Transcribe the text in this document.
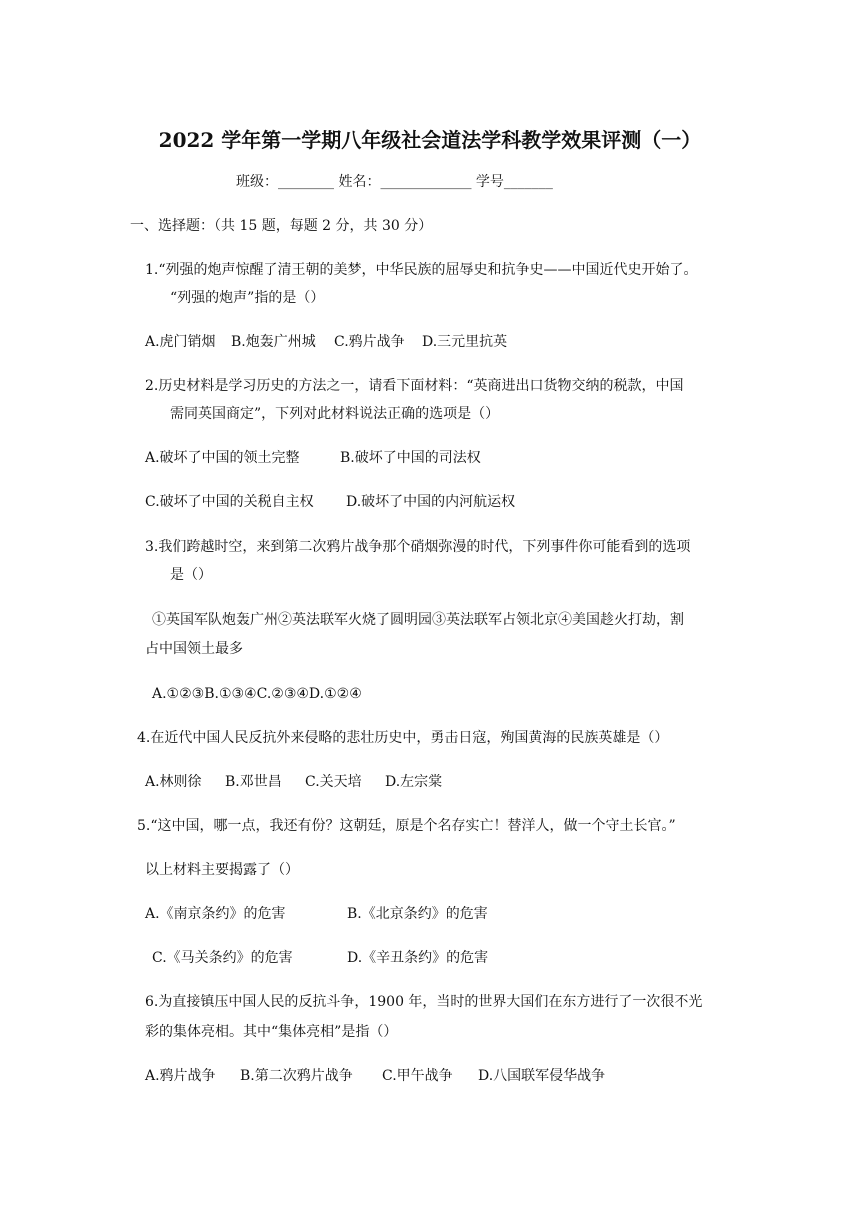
2022 学年第一学期八年级社会道法学科教学效果评测（一）
班级：________ 姓名：_____________ 学号_______
一、选择题：（共 15 题，每题 2 分，共 30 分）
1.“列强的炮声惊醒了清王朝的美梦，中华民族的屈辱史和抗争史——中国近代史开始了。
“列强的炮声”指的是（）
A.虎门销烟 B.炮轰广州城 C.鸦片战争 D.三元里抗英
2.历史材料是学习历史的方法之一，请看下面材料：“英商进出口货物交纳的税款，中国
需同英国商定”，下列对此材料说法正确的选项是（）
A.破坏了中国的领土完整	B.破坏了中国的司法权
C.破坏了中国的关税自主权 D.破坏了中国的内河航运权
3.我们跨越时空，来到第二次鸦片战争那个硝烟弥漫的时代，下列事件你可能看到的选项
是（）
①英国军队炮轰广州②英法联军火烧了圆明园③英法联军占领北京④美国趁火打劫，割
占中国领土最多
A.①②③B.①③④C.②③④D.①②④
4.在近代中国人民反抗外来侵略的悲壮历史中，勇击日寇，殉国黄海的民族英雄是（）
A.林则徐 B.邓世昌 C.关天培 D.左宗棠
5.“这中国，哪一点，我还有份？这朝廷，原是个名存实亡！替洋人，做一个守土长官。”
以上材料主要揭露了（）
A.《南京条约》的危害	B.《北京条约》的危害
C.《马关条约》的危害	D.《辛丑条约》的危害
6.为直接镇压中国人民的反抗斗争，1900 年，当时的世界大国们在东方进行了一次很不光
彩的集体亮相。其中“集体亮相”是指（）
A.鸦片战争 B.第二次鸦片战争 C.甲午战争 D.八国联军侵华战争
